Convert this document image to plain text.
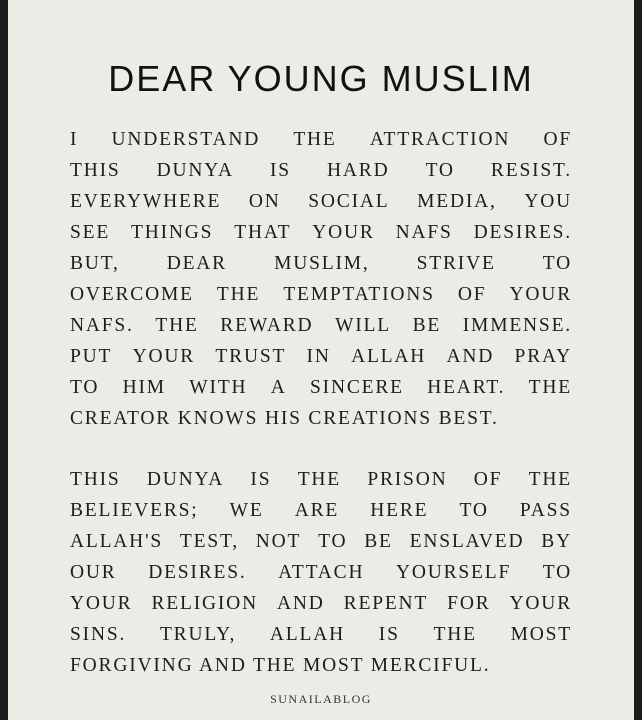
DEAR YOUNG MUSLIM
I UNDERSTAND THE ATTRACTION OF
THIS DUNYA IS HARD TO RESIST.
EVERYWHERE ON SOCIAL MEDIA, YOU
SEE THINGS THAT YOUR NAFS DESIRES.
BUT, DEAR MUSLIM, STRIVE TO
OVERCOME THE TEMPTATIONS OF YOUR
NAFS. THE REWARD WILL BE IMMENSE.
PUT YOUR TRUST IN ALLAH AND PRAY
TO HIM WITH A SINCERE HEART. THE
CREATOR KNOWS HIS CREATIONS BEST.
THIS DUNYA IS THE PRISON OF THE
BELIEVERS; WE ARE HERE TO PASS
ALLAH'S TEST, NOT TO BE ENSLAVED BY
OUR DESIRES. ATTACH YOURSELF TO
YOUR RELIGION AND REPENT FOR YOUR
SINS. TRULY, ALLAH IS THE MOST
FORGIVING AND THE MOST MERCIFUL.
SUNAILABLOG
